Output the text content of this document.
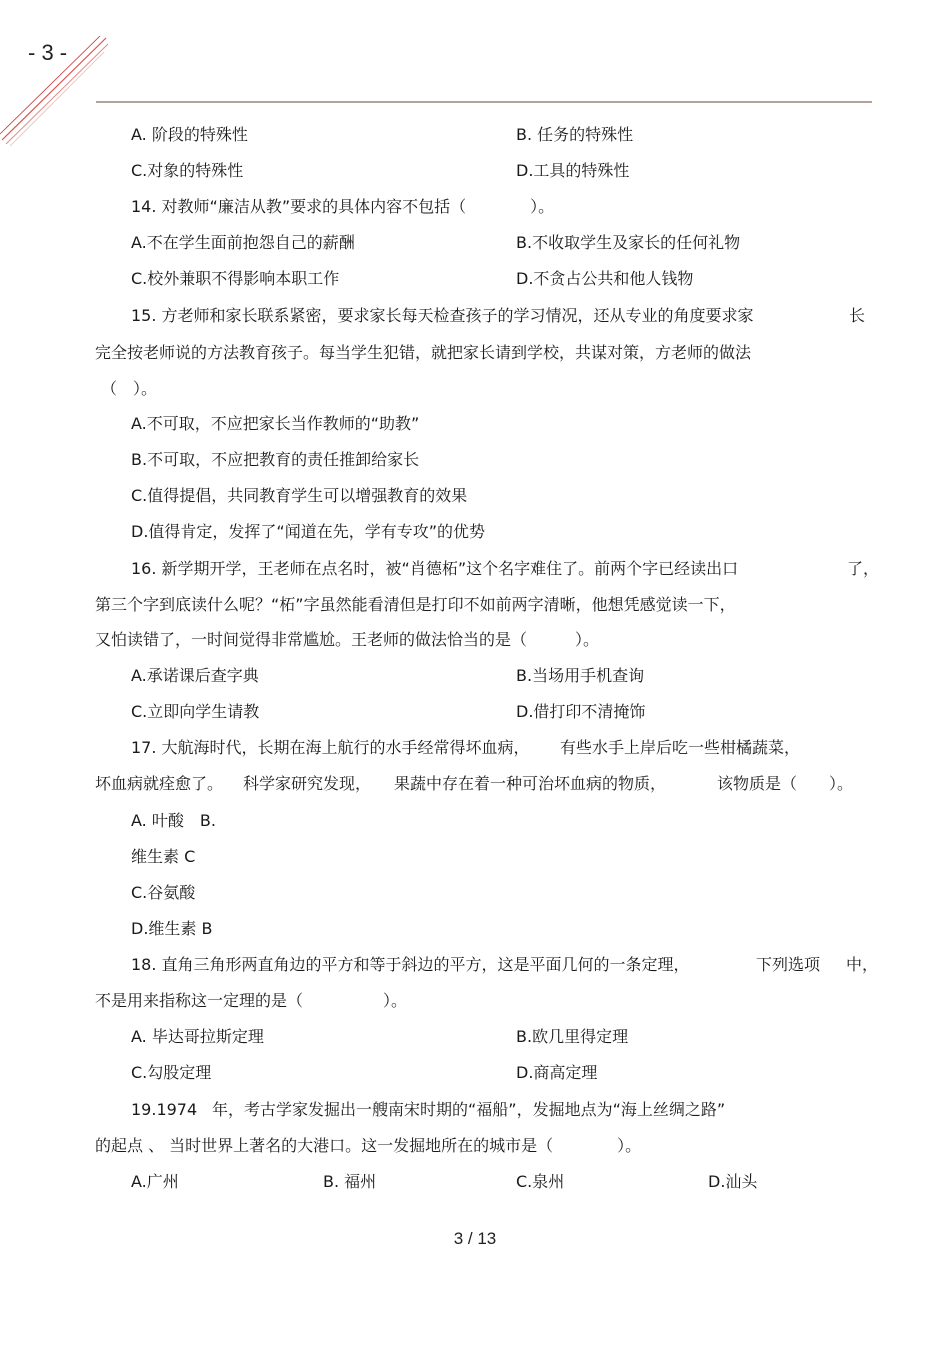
- 3 -
A. 阶段的特殊性	B. 任务的特殊性
C.对象的特殊性	D.工具的特殊性
14. 对教师“廉洁从教”要求的具体内容不包括（　　　　）。
A.不在学生面前抱怨自己的薪酬	B.不收取学生及家长的任何礼物
C.校外兼职不得影响本职工作	D.不贪占公共和他人钱物
15. 方老师和家长联系紧密，要求家长每天检查孩子的学习情况，还从专业的角度要求家	长
完全按老师说的方法教育孩子。每当学生犯错，就把家长请到学校，共谋对策，方老师的做法
（　）。
A.不可取，不应把家长当作教师的“助教”
B.不可取，不应把教育的责任推卸给家长
C.值得提倡，共同教育学生可以增强教育的效果
D.值得肯定，发挥了“闻道在先，学有专攻”的优势
16. 新学期开学，王老师在点名时，被“肖德柘”这个名字难住了。前两个字已经读出口	了，
第三个字到底读什么呢？“柘”字虽然能看清但是打印不如前两字清晰，他想凭感觉读一下，
又怕读错了，一时间觉得非常尴尬。王老师的做法恰当的是（　　　）。
A.承诺课后查字典	B.当场用手机查询
C.立即向学生请教	D.借打印不清掩饰
17. 大航海时代，长期在海上航行的水手经常得坏血病， 有些水手上岸后吃一些柑橘蔬菜，
坏血病就痊愈了。 科学家研究发现， 果蔬中存在着一种可治坏血病的物质，	该物质是（　　）。
A. 叶酸　B.
维生素 C
C.谷氨酸
D.维生素 B
18. 直角三角形两直角边的平方和等于斜边的平方，这是平面几何的一条定理，	下列选项 中，
不是用来指称这一定理的是（　　　　　）。
A. 毕达哥拉斯定理	B.欧几里得定理
C.勾股定理	D.商高定理
19.1974 年，考古学家发掘出一艘南宋时期的“福船”，发掘地点为“海上丝绸之路”
的起点 、 当时世界上著名的大港口。这一发掘地所在的城市是（　　　　）。
A.广州	B. 福州	C.泉州	D.汕头
3 / 13
